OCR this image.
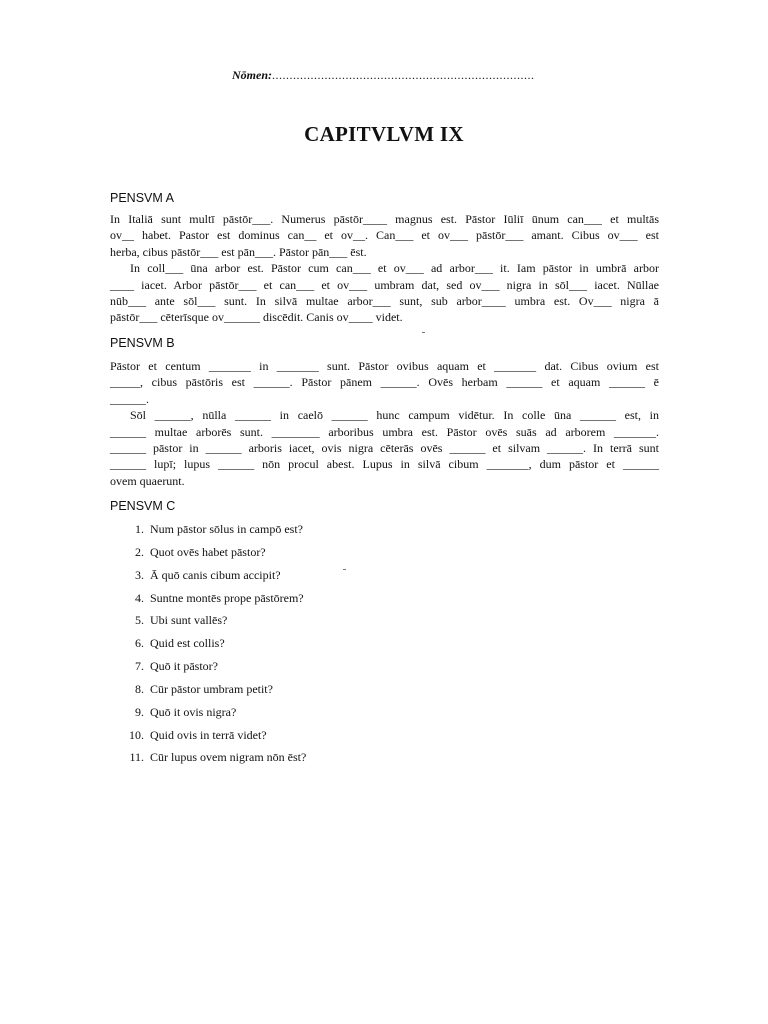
Nōmen:...........................................................................
CAPITVLVM IX
PENSVM A
In Italiā sunt multī pāstōr___. Numerus pāstōr____ magnus est. Pāstor Iūliī ūnum can___ et multās
ov__ habet. Pastor est dominus can__ et ov__. Can___ et ov___ pāstōr___ amant. Cibus ov___ est
herba, cibus pāstōr___ est pān___. Pāstor pān___ ēst.
In coll___ ūna arbor est. Pāstor cum can___ et ov___ ad arbor___ it. Iam pāstor in umbrā arbor
____ iacet. Arbor pāstōr___ et can___ et ov___ umbram dat, sed ov___ nigra in sōl___ iacet. Nūllae
nūb___ ante sōl___ sunt. In silvā multae arbor___ sunt, sub arbor____ umbra est. Ov___ nigra ā
pāstōr___ cēterīsque ov______ discēdit. Canis ov____ videt.
PENSVM B
Pāstor et centum _______ in _______ sunt. Pāstor ovibus aquam et _______ dat. Cibus ovium est
_____, cibus pāstōris est ______. Pāstor pānem ______. Ovēs herbam ______ et aquam ______ ē
______.
Sōl ______, nūlla ______ in caelō ______ hunc campum vidētur. In colle ūna ______ est, in
______ multae arborēs sunt. ________ arboribus umbra est. Pāstor ovēs suās ad arborem _______.
______ pāstor in ______ arboris iacet, ovis nigra cēterās ovēs ______ et silvam ______. In terrā sunt
______ lupī; lupus ______ nōn procul abest. Lupus in silvā cibum _______, dum pāstor et ______
ovem quaerunt.
PENSVM C
1. Num pāstor sōlus in campō est?
2. Quot ovēs habet pāstor?
3. Ā quō canis cibum accipit?
4. Suntne montēs prope pāstōrem?
5. Ubi sunt vallēs?
6. Quid est collis?
7. Quō it pāstor?
8. Cūr pāstor umbram petit?
9. Quō it ovis nigra?
10. Quid ovis in terrā videt?
11. Cūr lupus ovem nigram nōn ēst?
